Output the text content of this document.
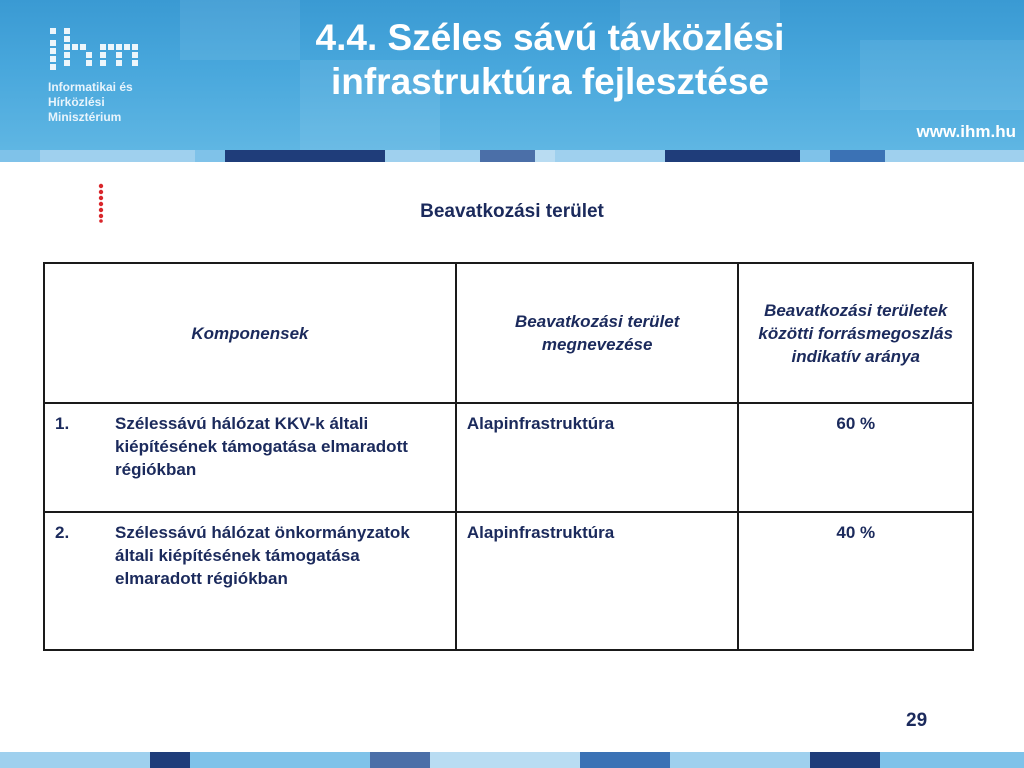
Informatikai és
Hírközlési
Minisztérium
4.4. Széles sávú távközlési
infrastruktúra fejlesztése
www.ihm.hu
Beavatkozási terület
Komponensek	Beavatkozási terület megnevezése	Beavatkozási területek közötti forrásmegoszlás indikatív aránya

1. Szélessávú hálózat KKV-k általi kiépítésének támogatása elmaradott régiókban	Alapinfrastruktúra	60 %

2. Szélessávú hálózat önkormányzatok általi kiépítésének támogatása elmaradott régiókban	Alapinfrastruktúra	40 %
29
